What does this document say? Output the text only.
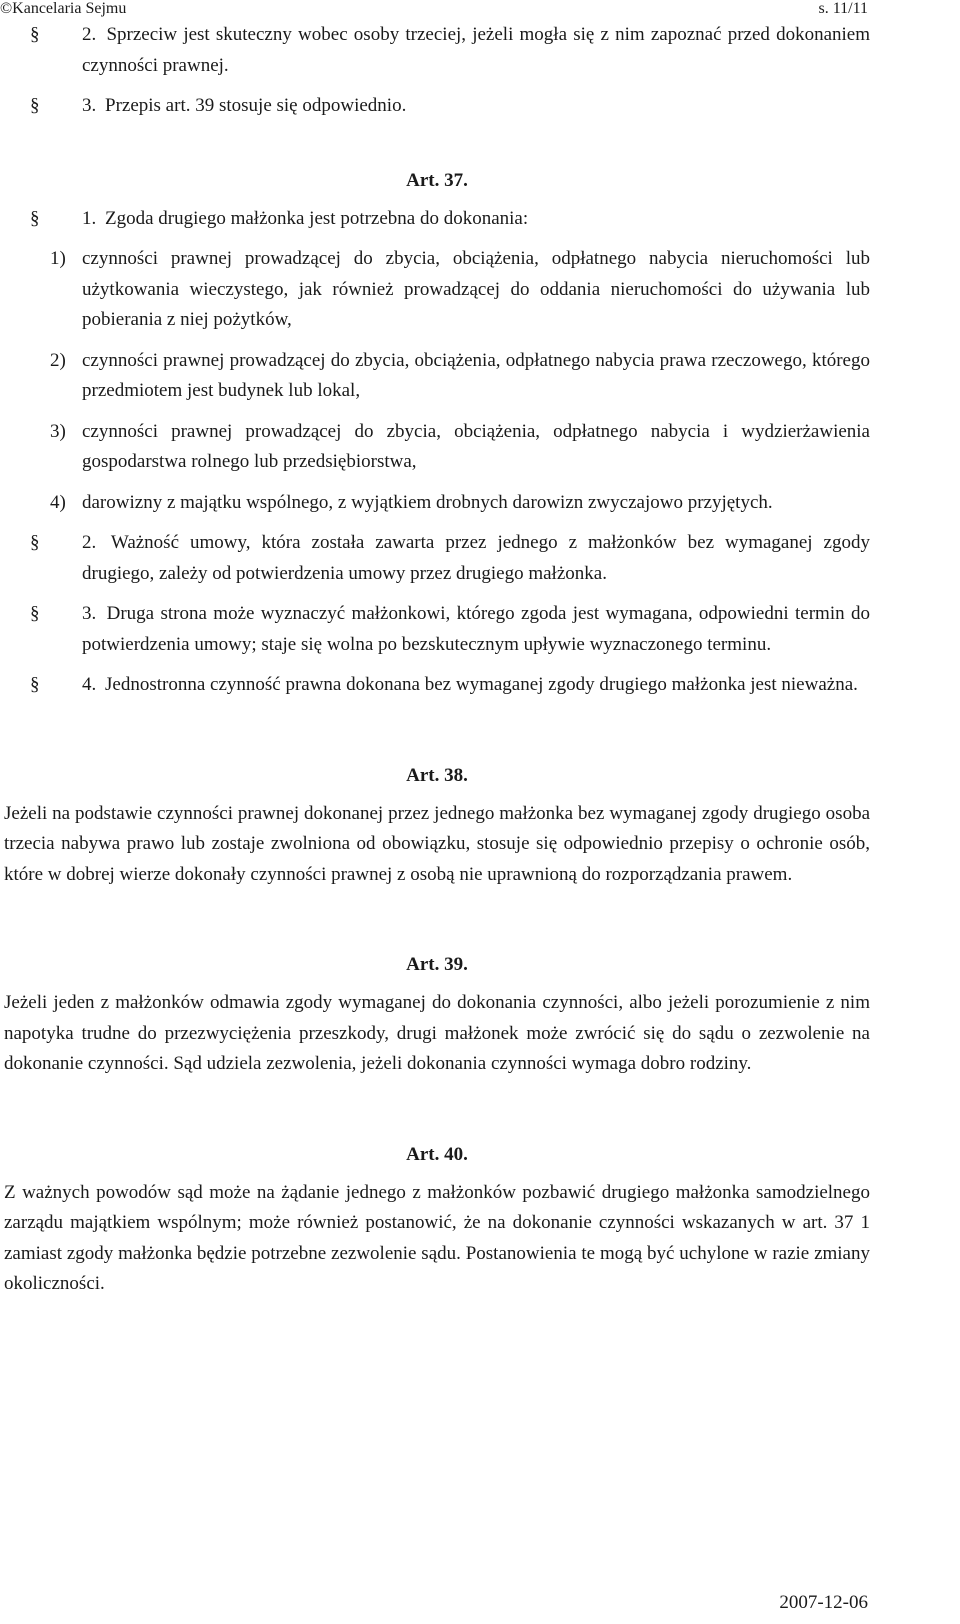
©Kancelaria Sejmu	s. 11/11

§ 2. Sprzeciw jest skuteczny wobec osoby trzeciej, jeżeli mogła się z nim zapoznać przed dokonaniem czynności prawnej.

§ 3. Przepis art. 39 stosuje się odpowiednio.

Art. 37.

§ 1. Zgoda drugiego małżonka jest potrzebna do dokonania:

1) czynności prawnej prowadzącej do zbycia, obciążenia, odpłatnego nabycia nieruchomości lub użytkowania wieczystego, jak również prowadzącej do oddania nieruchomości do używania lub pobierania z niej pożytków,

2) czynności prawnej prowadzącej do zbycia, obciążenia, odpłatnego nabycia prawa rzeczowego, którego przedmiotem jest budynek lub lokal,

3) czynności prawnej prowadzącej do zbycia, obciążenia, odpłatnego nabycia i wydzierżawienia gospodarstwa rolnego lub przedsiębiorstwa,

4) darowizny z majątku wspólnego, z wyjątkiem drobnych darowizn zwyczajowo przyjętych.

§ 2. Ważność umowy, która została zawarta przez jednego z małżonków bez wymaganej zgody drugiego, zależy od potwierdzenia umowy przez drugiego małżonka.

§ 3. Druga strona może wyznaczyć małżonkowi, którego zgoda jest wymagana, odpowiedni termin do potwierdzenia umowy; staje się wolna po bezskutecznym upływie wyznaczonego terminu.

§ 4. Jednostronna czynność prawna dokonana bez wymaganej zgody drugiego małżonka jest nieważna.

Art. 38.

Jeżeli na podstawie czynności prawnej dokonanej przez jednego małżonka bez wymaganej zgody drugiego osoba trzecia nabywa prawo lub zostaje zwolniona od obowiązku, stosuje się odpowiednio przepisy o ochronie osób, które w dobrej wierze dokonały czynności prawnej z osobą nie uprawnioną do rozporządzania prawem.

Art. 39.

Jeżeli jeden z małżonków odmawia zgody wymaganej do dokonania czynności, albo jeżeli porozumienie z nim napotyka trudne do przezwyciężenia przeszkody, drugi małżonek może zwrócić się do sądu o zezwolenie na dokonanie czynności. Sąd udziela zezwolenia, jeżeli dokonania czynności wymaga dobro rodziny.

Art. 40.

Z ważnych powodów sąd może na żądanie jednego z małżonków pozbawić drugiego małżonka samodzielnego zarządu majątkiem wspólnym; może również postanowić, że na dokonanie czynności wskazanych w art. 37 1 zamiast zgody małżonka będzie potrzebne zezwolenie sądu. Postanowienia te mogą być uchylone w razie zmiany okoliczności.

2007-12-06
